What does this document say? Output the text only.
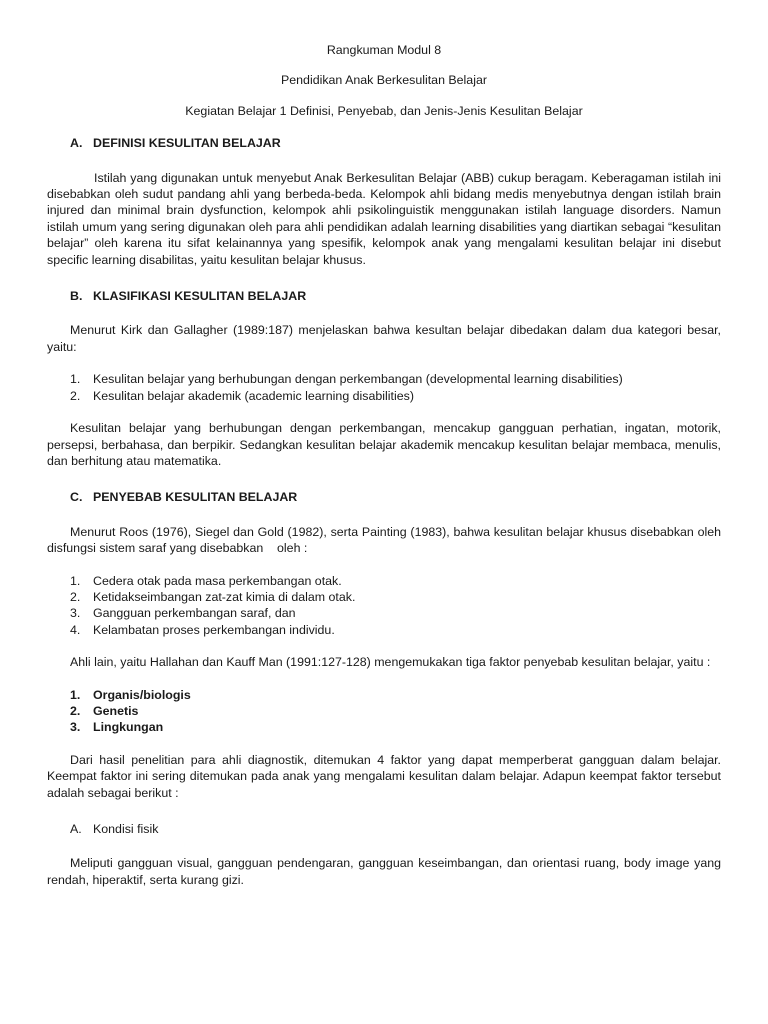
Rangkuman Modul 8
Pendidikan Anak Berkesulitan Belajar
Kegiatan Belajar 1 Definisi, Penyebab, dan Jenis-Jenis Kesulitan Belajar
A. DEFINISI KESULITAN BELAJAR

Istilah yang digunakan untuk menyebut Anak Berkesulitan Belajar (ABB) cukup beragam. Keberagaman istilah ini disebabkan oleh sudut pandang ahli yang berbeda-beda. Kelompok ahli bidang medis menyebutnya dengan istilah brain injured dan minimal brain dysfunction, kelompok ahli psikolinguistik menggunakan istilah language disorders. Namun istilah umum yang sering digunakan oleh para ahli pendidikan adalah learning disabilities yang diartikan sebagai “kesulitan belajar” oleh karena itu sifat kelainannya yang spesifik, kelompok anak yang mengalami kesulitan belajar ini disebut specific learning disabilitas, yaitu kesulitan belajar khusus.

B. KLASIFIKASI KESULITAN BELAJAR

Menurut Kirk dan Gallagher (1989:187) menjelaskan bahwa kesultan belajar dibedakan dalam dua kategori besar, yaitu:

1.	Kesulitan belajar yang berhubungan dengan perkembangan (developmental learning disabilities)
2.	Kesulitan belajar akademik (academic learning disabilities)

Kesulitan belajar yang berhubungan dengan perkembangan, mencakup gangguan perhatian, ingatan, motorik, persepsi, berbahasa, dan berpikir. Sedangkan kesulitan belajar akademik mencakup kesulitan belajar membaca, menulis, dan berhitung atau matematika.

C. PENYEBAB KESULITAN BELAJAR

Menurut Roos (1976), Siegel dan Gold (1982), serta Painting (1983), bahwa kesulitan belajar khusus disebabkan oleh disfungsi sistem saraf yang disebabkan    oleh :

1.	Cedera otak pada masa perkembangan otak.
2.	Ketidakseimbangan zat-zat kimia di dalam otak.
3.	Gangguan perkembangan saraf, dan
4.	Kelambatan proses perkembangan individu.

Ahli lain, yaitu Hallahan dan Kauff Man (1991:127-128) mengemukakan tiga faktor penyebab kesulitan belajar, yaitu :

1.	Organis/biologis
2.	Genetis
3.	Lingkungan

Dari hasil penelitian para ahli diagnostik, ditemukan 4 faktor yang dapat memperberat gangguan dalam belajar. Keempat faktor ini sering ditemukan pada anak yang mengalami kesulitan dalam belajar. Adapun keempat faktor tersebut adalah sebagai berikut :

A. Kondisi fisik

Meliputi gangguan visual, gangguan pendengaran, gangguan keseimbangan, dan orientasi ruang, body image yang rendah, hiperaktif, serta kurang gizi.
